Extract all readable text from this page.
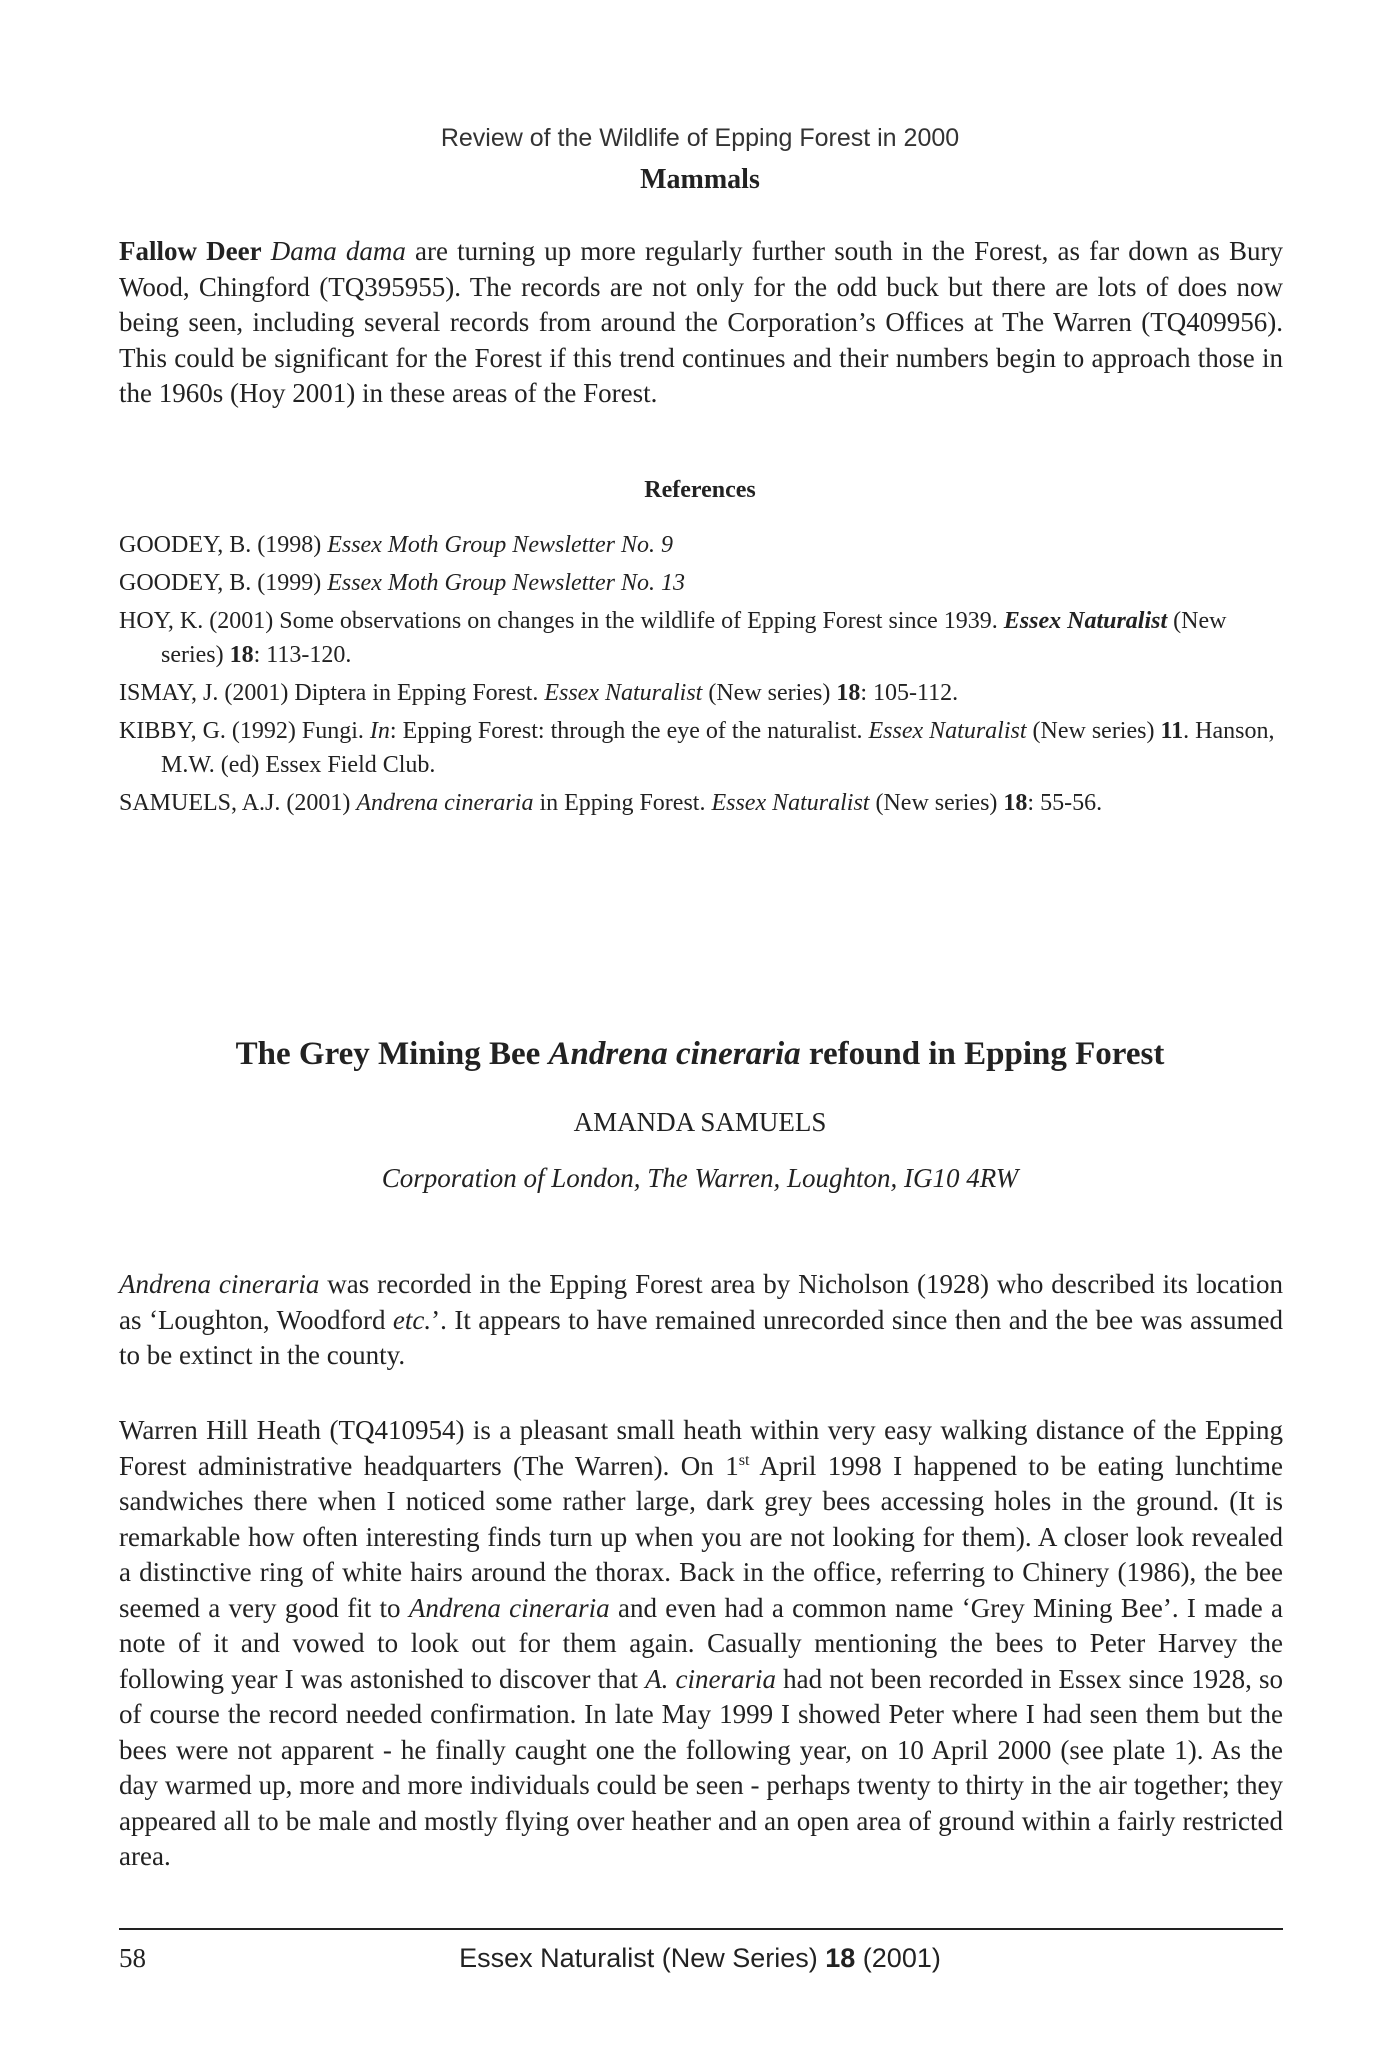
Review of the Wildlife of Epping Forest in 2000
Mammals

Fallow Deer Dama dama are turning up more regularly further south in the Forest, as far down as Bury Wood, Chingford (TQ395955). The records are not only for the odd buck but there are lots of does now being seen, including several records from around the Corporation’s Offices at The Warren (TQ409956). This could be significant for the Forest if this trend continues and their numbers begin to approach those in the 1960s (Hoy 2001) in these areas of the Forest.

References
GOODEY, B. (1998) Essex Moth Group Newsletter No. 9
GOODEY, B. (1999) Essex Moth Group Newsletter No. 13
HOY, K. (2001) Some observations on changes in the wildlife of Epping Forest since 1939. Essex Naturalist (New series) 18: 113-120.
ISMAY, J. (2001) Diptera in Epping Forest. Essex Naturalist (New series) 18: 105-112.
KIBBY, G. (1992) Fungi. In: Epping Forest: through the eye of the naturalist. Essex Naturalist (New series) 11. Hanson, M.W. (ed) Essex Field Club.
SAMUELS, A.J. (2001) Andrena cineraria in Epping Forest. Essex Naturalist (New series) 18: 55-56.
The Grey Mining Bee Andrena cineraria refound in Epping Forest
AMANDA SAMUELS
Corporation of London, The Warren, Loughton, IG10 4RW

Andrena cineraria was recorded in the Epping Forest area by Nicholson (1928) who described its location as ‘Loughton, Woodford etc.’. It appears to have remained unrecorded since then and the bee was assumed to be extinct in the county.

Warren Hill Heath (TQ410954) is a pleasant small heath within very easy walking distance of the Epping Forest administrative headquarters (The Warren). On 1st April 1998 I happened to be eating lunchtime sandwiches there when I noticed some rather large, dark grey bees accessing holes in the ground. (It is remarkable how often interesting finds turn up when you are not looking for them). A closer look revealed a distinctive ring of white hairs around the thorax. Back in the office, referring to Chinery (1986), the bee seemed a very good fit to Andrena cineraria and even had a common name ‘Grey Mining Bee’. I made a note of it and vowed to look out for them again. Casually mentioning the bees to Peter Harvey the following year I was astonished to discover that A. cineraria had not been recorded in Essex since 1928, so of course the record needed confirmation. In late May 1999 I showed Peter where I had seen them but the bees were not apparent - he finally caught one the following year, on 10 April 2000 (see plate 1). As the day warmed up, more and more individuals could be seen - perhaps twenty to thirty in the air together; they appeared all to be male and mostly flying over heather and an open area of ground within a fairly restricted area.

58	Essex Naturalist (New Series) 18 (2001)
